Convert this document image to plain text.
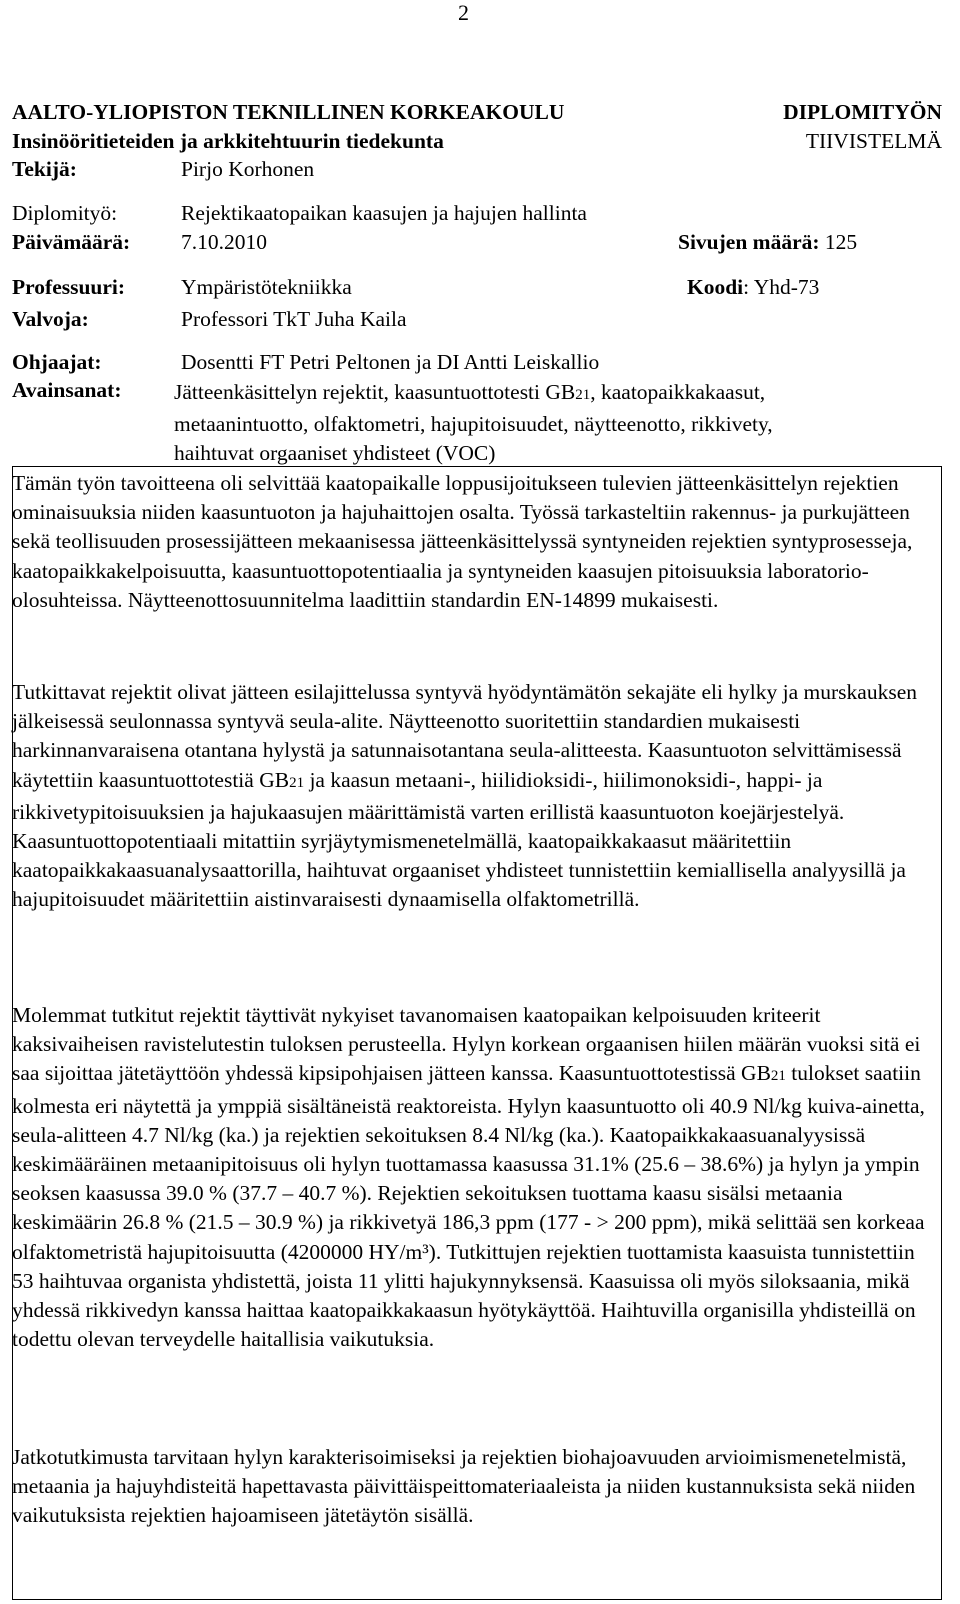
2
AALTO-YLIOPISTON TEKNILLINEN KORKEAKOULU	DIPLOMITYÖN
Insinööritieteiden ja arkkitehtuurin tiedekunta	TIIVISTELMÄ
Tekijä:	Pirjo Korhonen
Diplomityö:	Rejektikaatopaikan kaasujen ja hajujen hallinta
Päivämäärä: 7.10.2010	Sivujen määrä: 125
Professuuri:	Ympäristötekniikka	Koodi: Yhd-73
Valvoja:	Professori TkT Juha Kaila
Ohjaajat:	Dosentti FT Petri Peltonen ja DI Antti Leiskallio
Avainsanat: Jätteenkäsittelyn rejektit, kaasuntuottotesti GB21, kaatopaikkakaasut,
metaanintuotto, olfaktometri, hajupitoisuudet, näytteenotto, rikkivety,
haihtuvat orgaaniset yhdisteet (VOC)

Tämän työn tavoitteena oli selvittää kaatopaikalle loppusijoitukseen tulevien jätteenkäsittelyn rejektien ominaisuuksia niiden kaasuntuoton ja hajuhaittojen osalta. Työssä tarkasteltiin rakennus- ja purkujätteen sekä teollisuuden prosessijätteen mekaanisessa jätteenkäsittelyssä syntyneiden rejektien syntyprosesseja, kaatopaikkakelpoisuutta, kaasuntuottopotentiaalia ja syntyneiden kaasujen pitoisuuksia laboratorio-olosuhteissa. Näytteenottosuunnitelma laadittiin standardin EN-14899 mukaisesti.

Tutkittavat rejektit olivat jätteen esilajittelussa syntyvä hyödyntämätön sekajäte eli hylky ja murskauksen jälkeisessä seulonnassa syntyvä seula-alite. Näytteenotto suoritettiin standardien mukaisesti harkinnanvaraisena otantana hylystä ja satunnaisotantana seula-alitteesta. Kaasuntuoton selvittämisessä käytettiin kaasuntuottotestiä GB21 ja kaasun metaani-, hiilidioksidi-, hiilimonoksidi-, happi- ja rikkivetypitoisuuksien ja hajukaasujen määrittämistä varten erillistä kaasuntuoton koejärjestelyä. Kaasuntuottopotentiaali mitattiin syrjäytymismenetelmällä, kaatopaikkakaasut määritettiin kaatopaikkakaasuanalysaattorilla, haihtuvat orgaaniset yhdisteet tunnistettiin kemiallisella analyysillä ja hajupitoisuudet määritettiin aistinvaraisesti dynaamisella olfaktometrillä.

Molemmat tutkitut rejektit täyttivät nykyiset tavanomaisen kaatopaikan kelpoisuuden kriteerit kaksivaiheisen ravistelutestin tuloksen perusteella. Hylyn korkean orgaanisen hiilen määrän vuoksi sitä ei saa sijoittaa jätetäyttöön yhdessä kipsipohjaisen jätteen kanssa. Kaasuntuottotestissä GB21 tulokset saatiin kolmesta eri näytettä ja ymppiä sisältäneistä reaktoreista. Hylyn kaasuntuotto oli 40.9 Nl/kg kuiva-ainetta, seula-alitteen 4.7 Nl/kg (ka.) ja rejektien sekoituksen 8.4 Nl/kg (ka.). Kaatopaikkakaasuanalyysissä keskimääräinen metaanipitoisuus oli hylyn tuottamassa kaasussa 31.1% (25.6 – 38.6%) ja hylyn ja ympin seoksen kaasussa 39.0 % (37.7 – 40.7 %). Rejektien sekoituksen tuottama kaasu sisälsi metaania keskimäärin 26.8 % (21.5 – 30.9 %) ja rikkivetyä 186,3 ppm (177 - > 200 ppm), mikä selittää sen korkeaa olfaktometristä hajupitoisuutta (4200000 HY/m³). Tutkittujen rejektien tuottamista kaasuista tunnistettiin 53 haihtuvaa organista yhdistettä, joista 11 ylitti hajukynnyksensä. Kaasuissa oli myös siloksaania, mikä yhdessä rikkivedyn kanssa haittaa kaatopaikkakaasun hyötykäyttöä. Haihtuvilla organisilla yhdisteillä on todettu olevan terveydelle haitallisia vaikutuksia.

Jatkotutkimusta tarvitaan hylyn karakterisoimiseksi ja rejektien biohajoavuuden arvioimismenetelmistä, metaania ja hajuyhdisteitä hapettavasta päivittäispeittomateriaaleista ja niiden kustannuksista sekä niiden vaikutuksista rejektien hajoamiseen jätetäytön sisällä.
